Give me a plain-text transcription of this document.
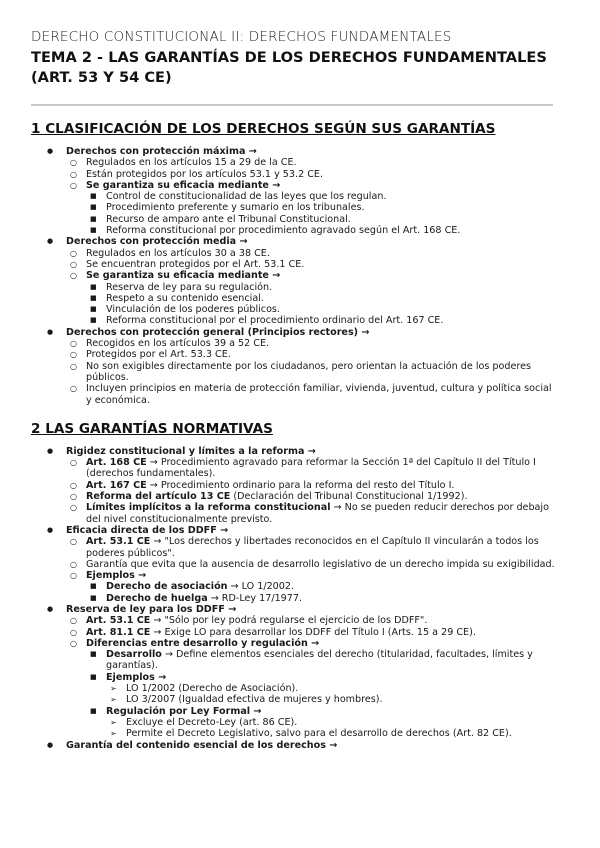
DERECHO CONSTITUCIONAL II: DERECHOS FUNDAMENTALES

TEMA 2 - LAS GARANTÍAS DE LOS DERECHOS FUNDAMENTALES (ART. 53 Y 54 CE)

1 CLASIFICACIÓN DE LOS DERECHOS SEGÚN SUS GARANTÍAS

● Derechos con protección máxima →
○ Regulados en los artículos 15 a 29 de la CE.
○ Están protegidos por los artículos 53.1 y 53.2 CE.
○ Se garantiza su eficacia mediante →
■ Control de constitucionalidad de las leyes que los regulan.
■ Procedimiento preferente y sumario en los tribunales.
■ Recurso de amparo ante el Tribunal Constitucional.
■ Reforma constitucional por procedimiento agravado según el Art. 168 CE.
● Derechos con protección media →
○ Regulados en los artículos 30 a 38 CE.
○ Se encuentran protegidos por el Art. 53.1 CE.
○ Se garantiza su eficacia mediante →
■ Reserva de ley para su regulación.
■ Respeto a su contenido esencial.
■ Vinculación de los poderes públicos.
■ Reforma constitucional por el procedimiento ordinario del Art. 167 CE.
● Derechos con protección general (Principios rectores) →
○ Recogidos en los artículos 39 a 52 CE.
○ Protegidos por el Art. 53.3 CE.
○ No son exigibles directamente por los ciudadanos, pero orientan la actuación de los poderes públicos.
○ Incluyen principios en materia de protección familiar, vivienda, juventud, cultura y política social y económica.

2 LAS GARANTÍAS NORMATIVAS

● Rigidez constitucional y límites a la reforma →
○ Art. 168 CE → Procedimiento agravado para reformar la Sección 1ª del Capítulo II del Título I (derechos fundamentales).
○ Art. 167 CE → Procedimiento ordinario para la reforma del resto del Título I.
○ Reforma del artículo 13 CE (Declaración del Tribunal Constitucional 1/1992).
○ Límites implícitos a la reforma constitucional → No se pueden reducir derechos por debajo del nivel constitucionalmente previsto.
● Eficacia directa de los DDFF →
○ Art. 53.1 CE → "Los derechos y libertades reconocidos en el Capítulo II vincularán a todos los poderes públicos".
○ Garantía que evita que la ausencia de desarrollo legislativo de un derecho impida su exigibilidad.
○ Ejemplos →
■ Derecho de asociación → LO 1/2002.
■ Derecho de huelga → RD-Ley 17/1977.
● Reserva de ley para los DDFF →
○ Art. 53.1 CE → "Sólo por ley podrá regularse el ejercicio de los DDFF".
○ Art. 81.1 CE → Exige LO para desarrollar los DDFF del Título I (Arts. 15 a 29 CE).
○ Diferencias entre desarrollo y regulación →
■ Desarrollo → Define elementos esenciales del derecho (titularidad, facultades, límites y garantías).
■ Ejemplos →
➢ LO 1/2002 (Derecho de Asociación).
➢ LO 3/2007 (Igualdad efectiva de mujeres y hombres).
■ Regulación por Ley Formal →
➢ Excluye el Decreto-Ley (art. 86 CE).
➢ Permite el Decreto Legislativo, salvo para el desarrollo de derechos (Art. 82 CE).
● Garantía del contenido esencial de los derechos →
